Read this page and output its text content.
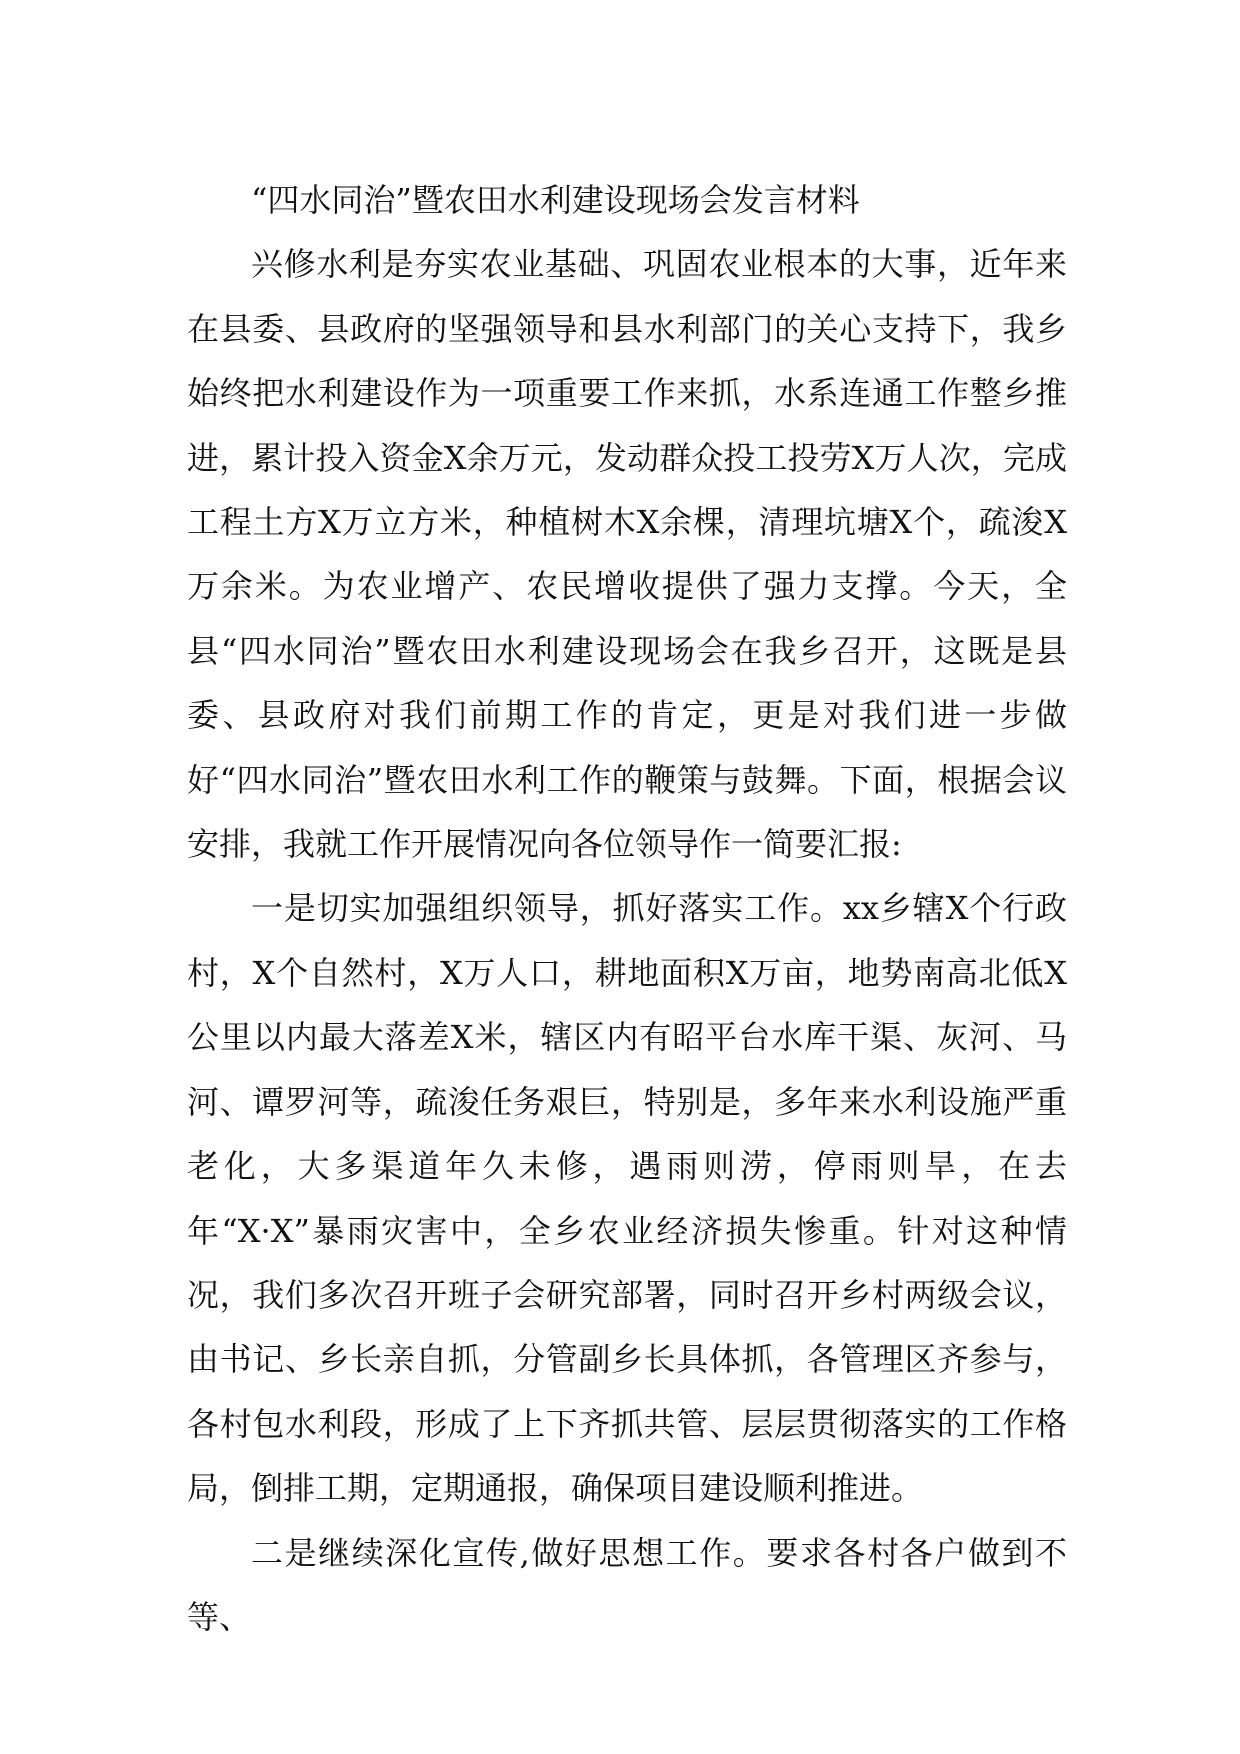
“四水同治”暨农田水利建设现场会发言材料

兴修水利是夯实农业基础、巩固农业根本的大事，近年来在县委、县政府的坚强领导和县水利部门的关心支持下，我乡始终把水利建设作为一项重要工作来抓，水系连通工作整乡推进，累计投入资金X余万元，发动群众投工投劳X万人次，完成工程土方X万立方米，种植树木X余棵，清理坑塘X个，疏浚X万余米。为农业增产、农民增收提供了强力支撑。今天，全县“四水同治”暨农田水利建设现场会在我乡召开，这既是县委、县政府对我们前期工作的肯定，更是对我们进一步做好“四水同治”暨农田水利工作的鞭策与鼓舞。下面，根据会议安排，我就工作开展情况向各位领导作一简要汇报:

一是切实加强组织领导，抓好落实工作。xx乡辖X个行政村，X个自然村，X万人口，耕地面积X万亩，地势南高北低X公里以内最大落差X米，辖区内有昭平台水库干渠、灰河、马河、谭罗河等，疏浚任务艰巨，特别是，多年来水利设施严重老化，大多渠道年久未修，遇雨则涝，停雨则旱，在去年“X·X”暴雨灾害中，全乡农业经济损失惨重。针对这种情况，我们多次召开班子会研究部署，同时召开乡村两级会议，由书记、乡长亲自抓，分管副乡长具体抓，各管理区齐参与，各村包水利段，形成了上下齐抓共管、层层贯彻落实的工作格局，倒排工期，定期通报，确保项目建设顺利推进。

二是继续深化宣传,做好思想工作。要求各村各户做到不等、
